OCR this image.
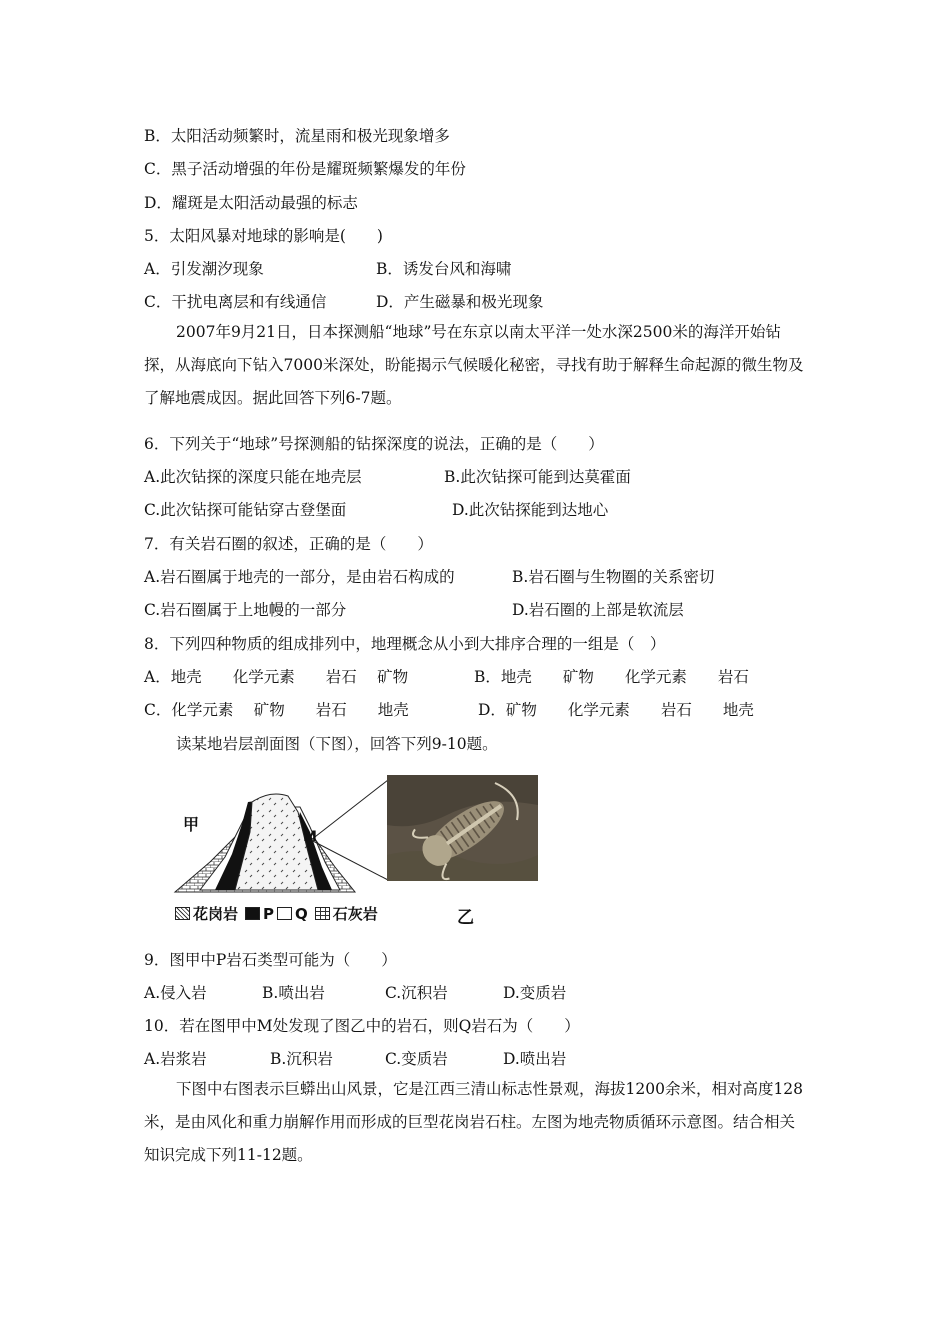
B．太阳活动频繁时，流星雨和极光现象增多
C．黑子活动增强的年份是耀斑频繁爆发的年份
D．耀斑是太阳活动最强的标志
5．太阳风暴对地球的影响是(　　)
A．引发潮汐现象	B．诱发台风和海啸
C．干扰电离层和有线通信	D．产生磁暴和极光现象
2007年9月21日，日本探测船“地球”号在东京以南太平洋一处水深2500米的海洋开始钻探，从海底向下钻入7000米深处，盼能揭示气候暖化秘密，寻找有助于解释生命起源的微生物及了解地震成因。据此回答下列6-7题。
6．下列关于“地球”号探测船的钻探深度的说法，正确的是（　　）
A.此次钻探的深度只能在地壳层	B.此次钻探可能到达莫霍面
C.此次钻探可能钻穿古登堡面	D.此次钻探能到达地心
7．有关岩石圈的叙述，正确的是（　　）
A.岩石圈属于地壳的一部分，是由岩石构成的	B.岩石圈与生物圈的关系密切
C.岩石圈属于上地幔的一部分	D.岩石圈的上部是软流层
8．下列四种物质的组成排列中，地理概念从小到大排序合理的一组是（　）
A．地壳　　化学元素　　岩石　 矿物	B．地壳　　矿物　　化学元素　　岩石
C．化学元素　 矿物　　岩石　　地壳	D．矿物　　化学元素　　岩石　　地壳
读某地岩层剖面图（下图），回答下列9-10题。
甲
M
花岗岩 P Q 石灰岩	乙
9．图甲中P岩石类型可能为（　　）
A.侵入岩	B.喷出岩	C.沉积岩	D.变质岩
10．若在图甲中M处发现了图乙中的岩石，则Q岩石为（　　）
A.岩浆岩	B.沉积岩	C.变质岩	D.喷出岩
下图中右图表示巨蟒出山风景，它是江西三清山标志性景观，海拔1200余米，相对高度128米，是由风化和重力崩解作用而形成的巨型花岗岩石柱。左图为地壳物质循环示意图。结合相关知识完成下列11-12题。
